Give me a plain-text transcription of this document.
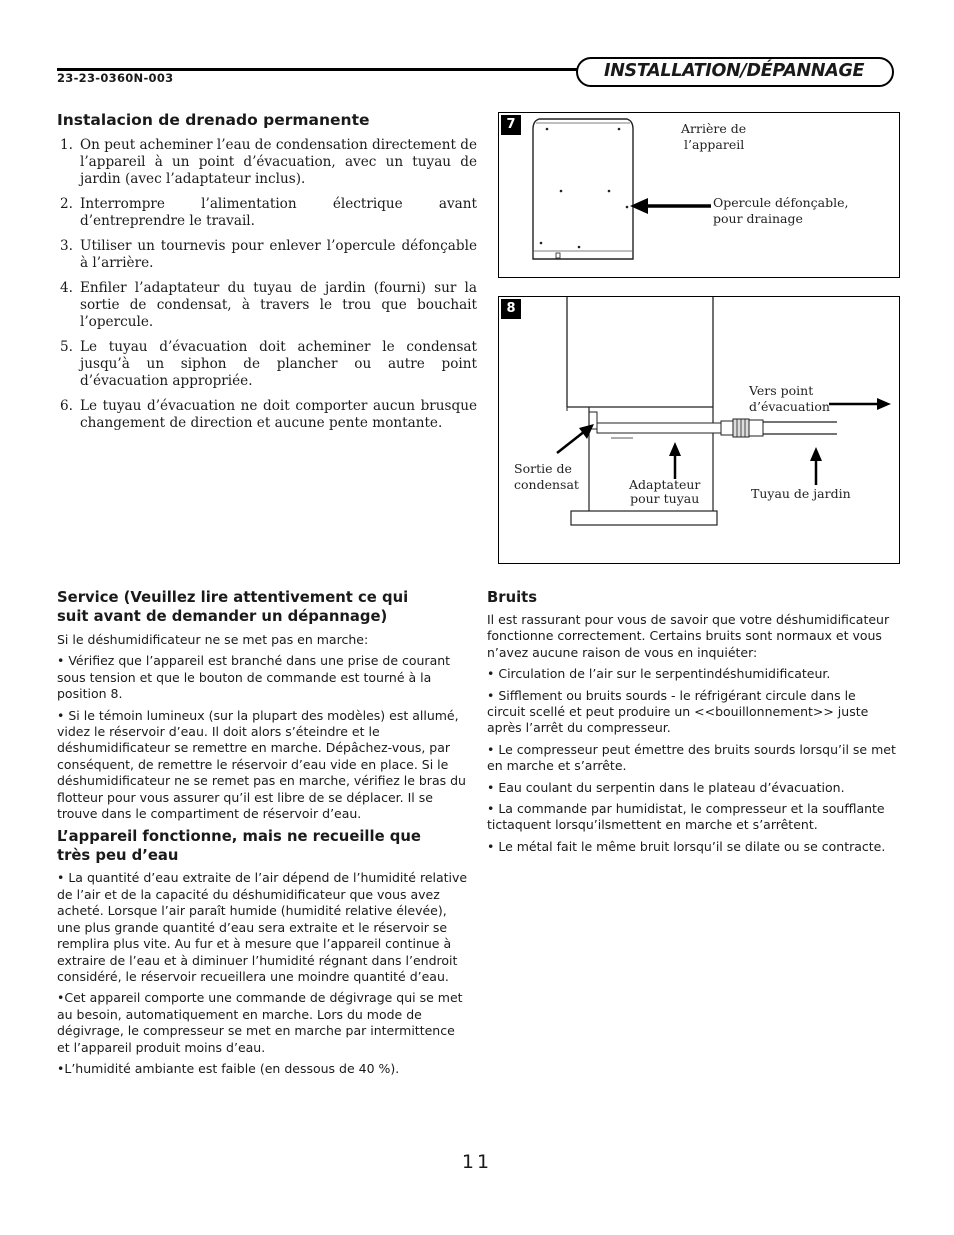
23-23-0360N-003	INSTALLATION/DÉPANNAGE
Instalacion de drenado permanente
1. On peut acheminer l’eau de condensation directement de l’appareil à un point d’évacuation, avec un tuyau de jardin (avec l’adaptateur inclus).
2. Interrompre l’alimentation électrique avant d’entreprendre le travail.
3. Utiliser un tournevis pour enlever l’opercule défonçable à l’arrière.
4. Enfiler l’adaptateur du tuyau de jardin (fourni) sur la sortie de condensat, à travers le trou que bouchait l’opercule.
5. Le tuyau d’évacuation doit acheminer le condensat jusqu’à un siphon de plancher ou autre point d’évacuation appropriée.
6. Le tuyau d’évacuation ne doit comporter aucun brusque changement de direction et aucune pente montante.
7	Arrière de
l’appareil
Opercule défonçable,
pour drainage
8
Vers point
d’évacuation
Sortie de
condensat	Adaptateur
pour tuyau	Tuyau de jardin
Service (Veuillez lire attentivement ce qui
suit avant de demander un dépannage)

Si le déshumidificateur ne se met pas en marche:

• Vérifiez que l’appareil est branché dans une prise de courant sous tension et que le bouton de commande est tourné à la position 8.

• Si le témoin lumineux (sur la plupart des modèles) est allumé, videz le réservoir d’eau. Il doit alors s’éteindre et le déshumidificateur se remettre en marche. Dépâchez-vous, par conséquent, de remettre le réservoir d’eau vide en place. Si le déshumidificateur ne se remet pas en marche, vérifiez le bras du flotteur pour vous assurer qu’il est libre de se déplacer. Il se trouve dans le compartiment de réservoir d’eau.

L’appareil fonctionne, mais ne recueille que
très peu d’eau

• La quantité d’eau extraite de l’air dépend de l’humidité relative de l’air et de la capacité du déshumidificateur que vous avez acheté. Lorsque l’air paraît humide (humidité relative élevée), une plus grande quantité d’eau sera extraite et le réservoir se remplira plus vite. Au fur et à mesure que l’appareil continue à extraire de l’eau et à diminuer l’humidité régnant dans l’endroit considéré, le réservoir recueillera une moindre quantité d’eau.

•Cet appareil comporte une commande de dégivrage qui se met au besoin, automatiquement en marche. Lors du mode de dégivrage, le compresseur se met en marche par intermittence et l’appareil produit moins d’eau.

•L’humidité ambiante est faible (en dessous de 40 %).

Bruits

Il est rassurant pour vous de savoir que votre déshumidificateur fonctionne correctement. Certains bruits sont normaux et vous n’avez aucune raison de vous en inquiéter:

• Circulation de l’air sur le serpentindéshumidificateur.

• Sifflement ou bruits sourds - le réfrigérant circule dans le circuit scellé et peut produire un <<bouillonnement>> juste après l’arrêt du compresseur.

• Le compresseur peut émettre des bruits sourds lorsqu’il se met en marche et s’arrête.

• Eau coulant du serpentin dans le plateau d’évacuation.

• La commande par humidistat, le compresseur et la soufflante tictaquent lorsqu’ilsmettent en marche et s’arrêtent.

• Le métal fait le même bruit lorsqu’il se dilate ou se contracte.

11
